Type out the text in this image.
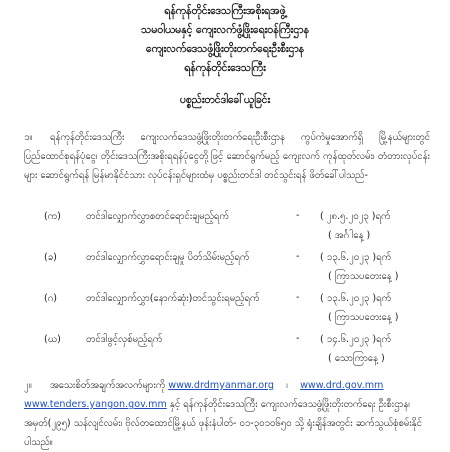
ရန်ကုန်တိုင်းဒေသကြီးအစိုးရအဖွဲ့
သမဝါယမနှင့် ကျေးလက်ဖွံ့ဖြိုးရေးဝန်ကြီးဌာန
ကျေးလက်ဒေသဖွံ့ဖြိုးတိုးတက်ရေးဦးစီးဌာန
ရန်ကုန်တိုင်းဒေသကြီး
ပစ္စည်းတင်ဒါခေါ်ယူခြင်း
၁။ ရန်ကုန်တိုင်းဒေသကြီး ကျေးလက်ဒေသဖွံ့ဖြိုးတိုးတက်ရေးဦးစီးဌာန ကွပ်ကဲမှုအောက်ရှိ မြို့နယ်များတွင် ပြည်ထောင်စုရန်ပုံငွေ၊ တိုင်းဒေသကြီးအစိုးရရန်ပုံငွေတို့ဖြင့် ဆောင်ရွက်မည့် ကျေးလက် ကုန်ထုတ်လမ်း၊ တံတားလုပ်ငန်းများ ဆောင်ရွက်ရန် မြန်မာနိုင်ငံသား လုပ်ငန်းရှင်များထံမှ ပစ္စည်းတင်ဒါ တင်သွင်းရန် ဖိတ်ခေါ်ပါသည်-
(က)	တင်ဒါလျှောက်လွှာစတင်ရောင်းချမည့်ရက်	- ( ၂၈.၅.၂၀၂၃ )ရက်
( အင်္ဂါနေ့ )
(ခ)	တင်ဒါလျှောက်လွှာရောင်းချမှု ပိတ်သိမ်းမည့်ရက်	- ( ၁၃.၆.၂၀၂၃ )ရက်
( ကြာသပတေးနေ့ )
(ဂ)	တင်ဒါလျှောက်လွှာ(နောက်ဆုံး)တင်သွင်းရမည့်ရက်	- ( ၁၃.၆.၂၀၂၃ )ရက်
( ကြာသပတေးနေ့ )
(ဃ)	တင်ဒါဖွင့်လှစ်မည့်ရက်	- ( ၁၄.၆.၂၀၂၃ )ရက်
( သောကြာနေ့ )
၂။ အသေးစိတ်အချက်အလက်များကို www.drdmyanmar.org ၊ www.drd.gov.mm
www.tenders.yangon.gov.mm နှင့် ရန်ကုန်တိုင်းဒေသကြီး ကျေးလက်ဒေသဖွံ့ဖြိုးတိုးတက်ရေး ဦးစီးဌာန၊ အမှတ်(၂၉၅) သန်လျင်လမ်း၊ ဗိုလ်တထောင်မြို့နယ် ဖုန်းနံပါတ်- ၀၁-၃၀၁၀၆၅၀ သို့ ရုံးချိန်အတွင်း ဆက်သွယ်စုံစမ်းနိုင်ပါသည်။
